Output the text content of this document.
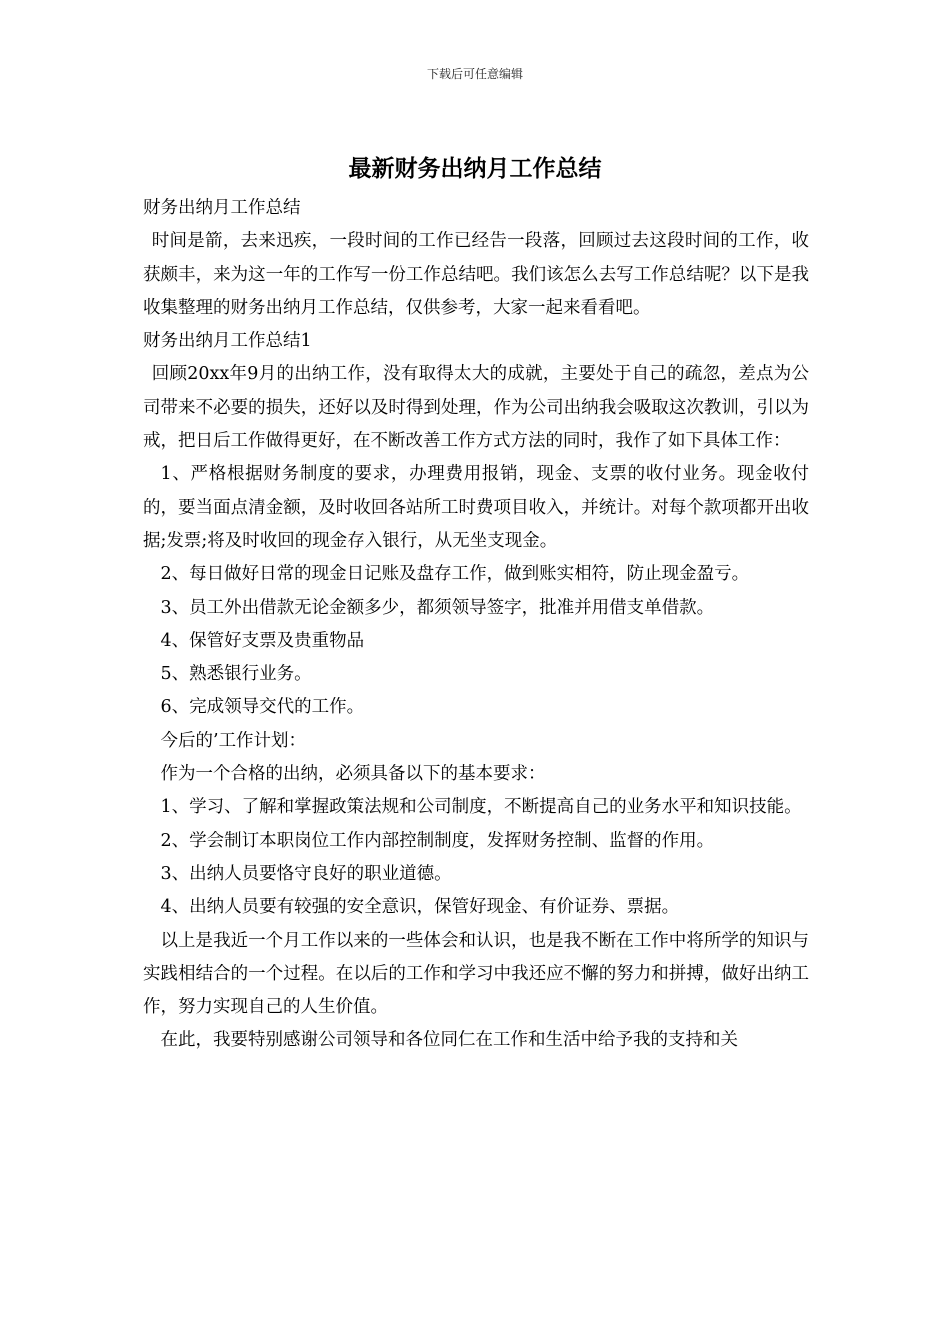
下载后可任意编辑
最新财务出纳月工作总结

财务出纳月工作总结

时间是箭，去来迅疾，一段时间的工作已经告一段落，回顾过去这段时间的工作，收获颇丰，来为这一年的工作写一份工作总结吧。我们该怎么去写工作总结呢？以下是我收集整理的财务出纳月工作总结，仅供参考，大家一起来看看吧。

财务出纳月工作总结1

回顾20xx年9月的出纳工作，没有取得太大的成就，主要处于自己的疏忽，差点为公司带来不必要的损失，还好以及时得到处理，作为公司出纳我会吸取这次教训，引以为戒，把日后工作做得更好，在不断改善工作方式方法的同时，我作了如下具体工作：

1、严格根据财务制度的要求，办理费用报销，现金、支票的收付业务。现金收付的，要当面点清金额，及时收回各站所工时费项目收入，并统计。对每个款项都开出收据;发票;将及时收回的现金存入银行，从无坐支现金。

2、每日做好日常的现金日记账及盘存工作，做到账实相符，防止现金盈亏。

3、员工外出借款无论金额多少，都须领导签字，批准并用借支单借款。

4、保管好支票及贵重物品

5、熟悉银行业务。

6、完成领导交代的工作。

今后的’工作计划：

作为一个合格的出纳，必须具备以下的基本要求：

1、学习、了解和掌握政策法规和公司制度，不断提高自己的业务水平和知识技能。

2、学会制订本职岗位工作内部控制制度，发挥财务控制、监督的作用。

3、出纳人员要恪守良好的职业道德。

4、出纳人员要有较强的安全意识，保管好现金、有价证券、票据。

以上是我近一个月工作以来的一些体会和认识，也是我不断在工作中将所学的知识与实践相结合的一个过程。在以后的工作和学习中我还应不懈的努力和拼搏，做好出纳工作，努力实现自己的人生价值。

在此，我要特别感谢公司领导和各位同仁在工作和生活中给予我的支持和关
